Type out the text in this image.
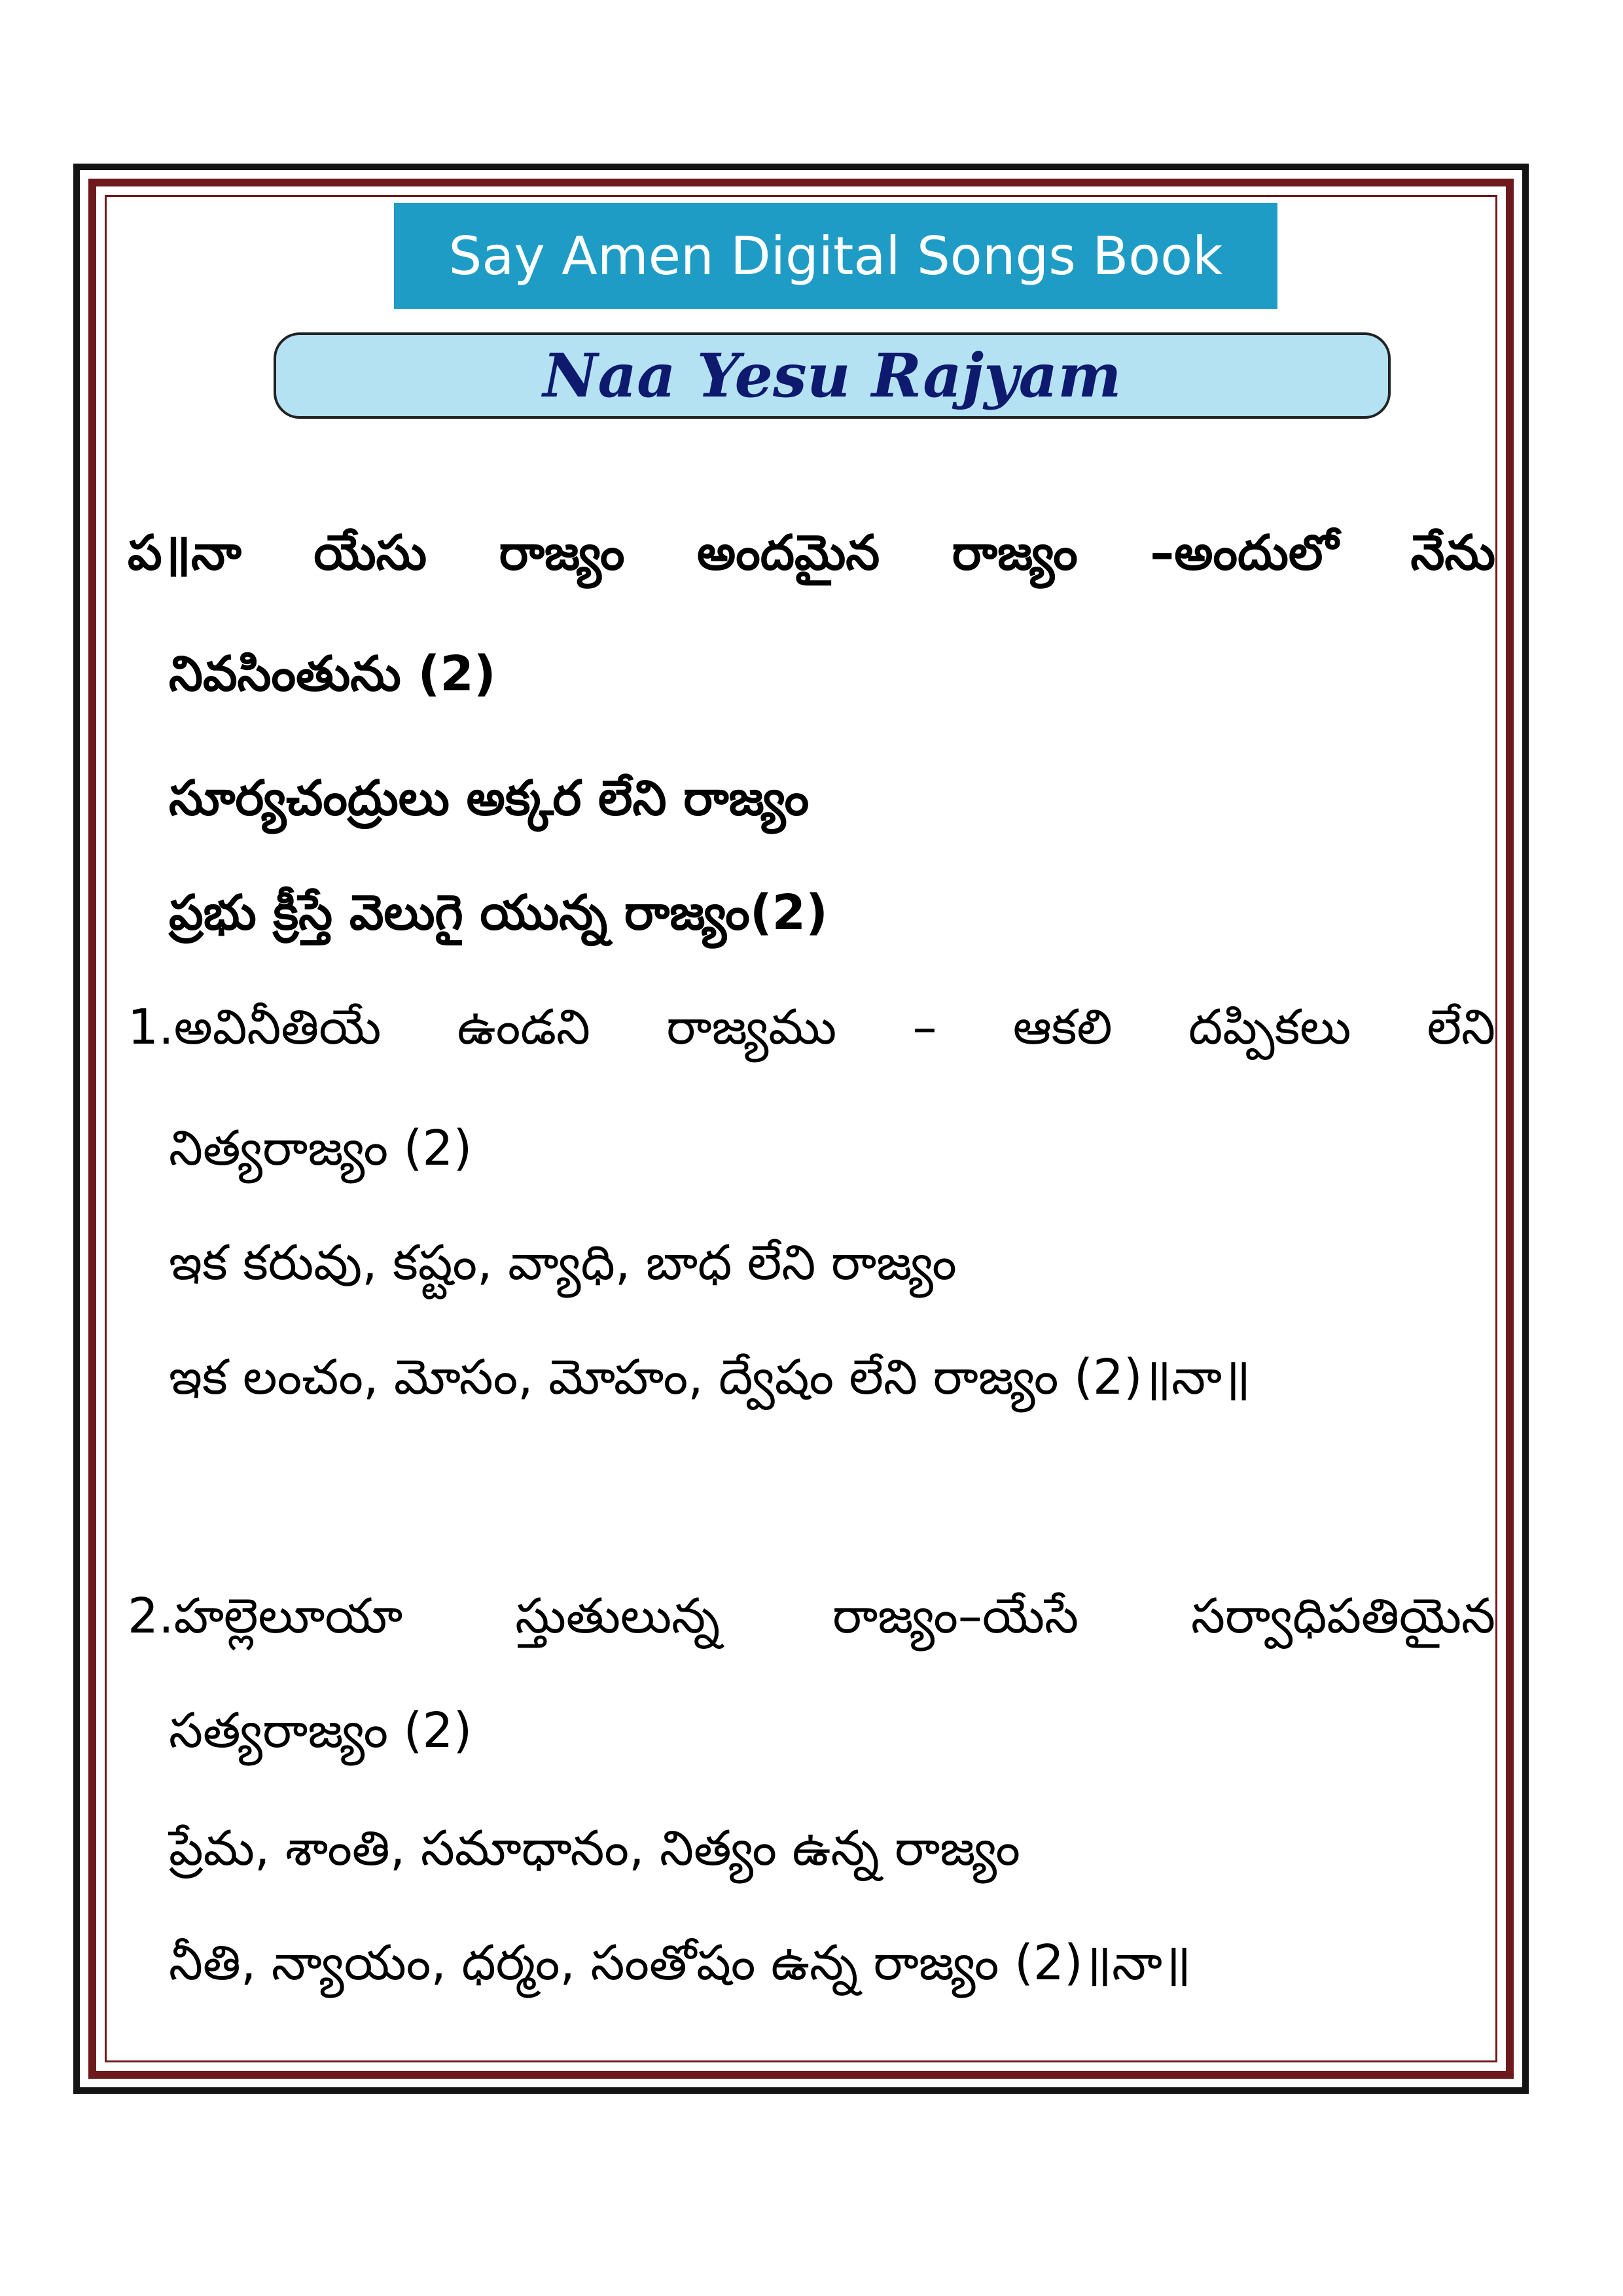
Say Amen Digital Songs Book
Naa Yesu Rajyam
ప॥నా యేసు రాజ్యం అందమైన రాజ్యం –అందులో నేను
నివసింతును (2)
సూర్యచంద్రులు అక్కర లేని రాజ్యం
ప్రభు క్రీస్తే వెలుగై యున్న రాజ్యం(2)
1.అవినీతియే ఉండని రాజ్యము – ఆకలి దప్పికలు లేని
నిత్యరాజ్యం (2)
ఇక కరువు, కష్టం, వ్యాధి, బాధ లేని రాజ్యం
ఇక లంచం, మోసం, మోహం, ద్వేషం లేని రాజ్యం (2)॥నా॥
2.హల్లెలూయా స్తుతులున్న రాజ్యం–యేసే సర్వాధిపతియైన
సత్యరాజ్యం (2)
ప్రేమ, శాంతి, సమాధానం, నిత్యం ఉన్న రాజ్యం
నీతి, న్యాయం, ధర్మం, సంతోషం ఉన్న రాజ్యం (2)॥నా॥
